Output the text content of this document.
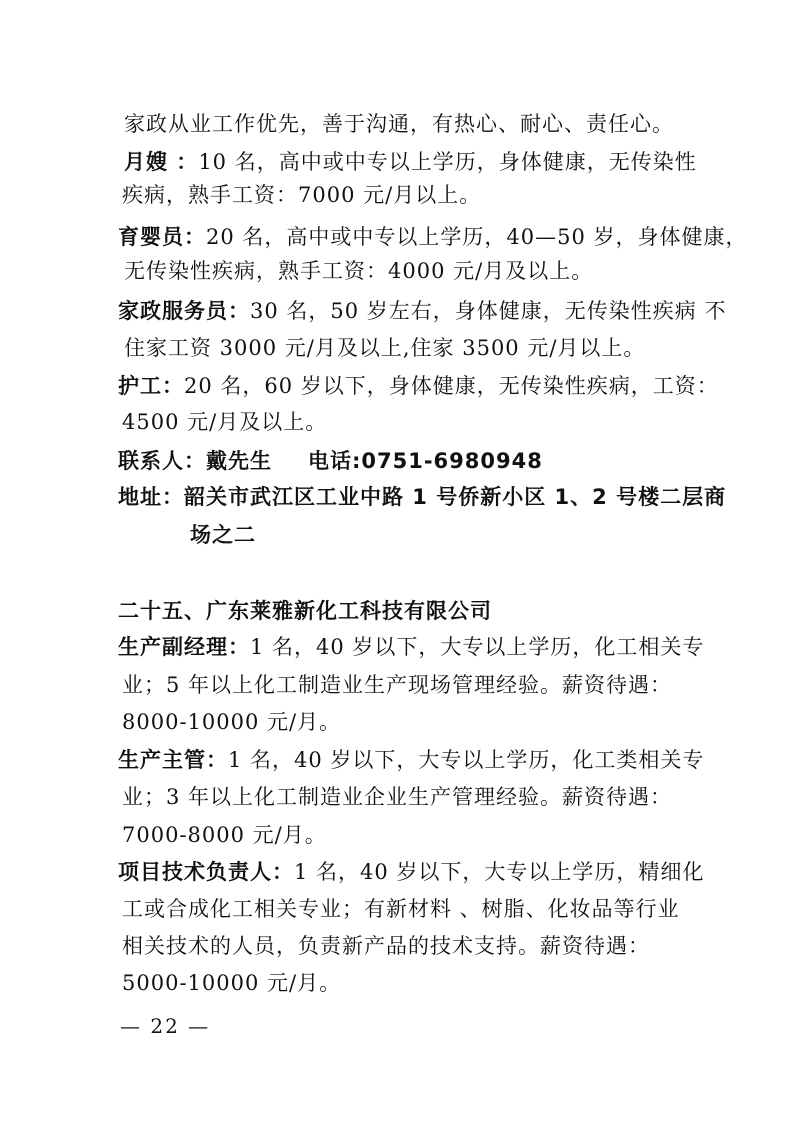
家政从业工作优先，善于沟通，有热心、耐心、责任心。
月嫂 ：10 名，高中或中专以上学历，身体健康，无传染性
疾病，熟手工资：7000 元/月以上。
育婴员：20 名，高中或中专以上学历，40—50 岁，身体健康，
无传染性疾病，熟手工资：4000 元/月及以上。
家政服务员：30 名，50 岁左右，身体健康，无传染性疾病 不
住家工资 3000 元/月及以上,住家 3500 元/月以上。
护工：20 名，60 岁以下，身体健康，无传染性疾病，工资：
4500 元/月及以上。
联系人：戴先生 电话:0751-6980948
地址：韶关市武江区工业中路 1 号侨新小区 1、2 号楼二层商
场之二
二十五、广东莱雅新化工科技有限公司
生产副经理：1 名，40 岁以下，大专以上学历，化工相关专
业；5 年以上化工制造业生产现场管理经验。薪资待遇：
8000-10000 元/月。
生产主管：1 名，40 岁以下，大专以上学历，化工类相关专
业；3 年以上化工制造业企业生产管理经验。薪资待遇：
7000-8000 元/月。
项目技术负责人：1 名，40 岁以下，大专以上学历，精细化
工或合成化工相关专业；有新材料 、树脂、化妆品等行业
相关技术的人员，负责新产品的技术支持。薪资待遇：
5000-10000 元/月。
— 22 —
